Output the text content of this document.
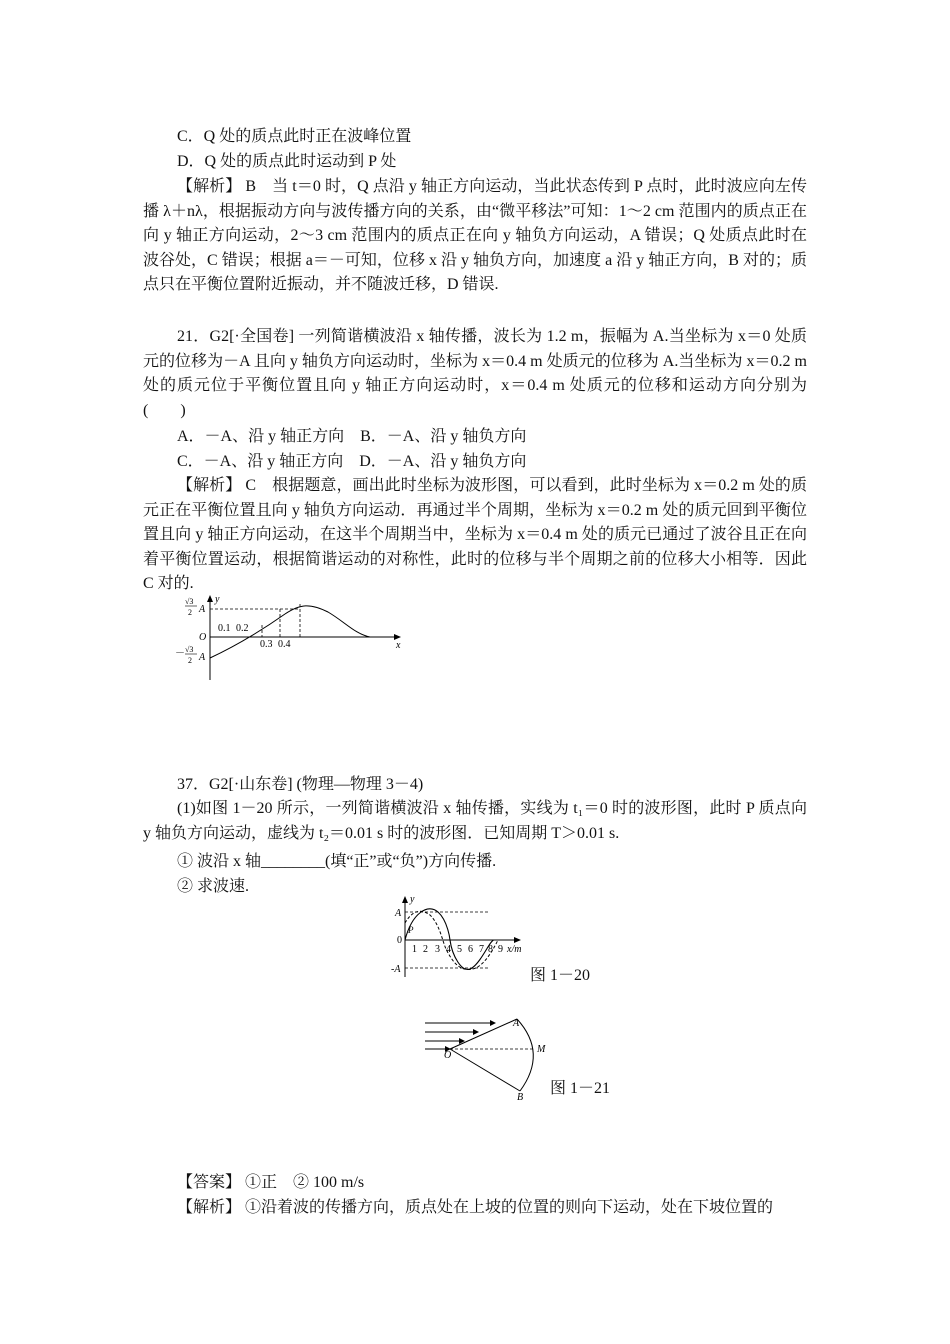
C．Q 处的质点此时正在波峰位置
D．Q 处的质点此时运动到 P 处
【解析】 B　当 t＝0 时，Q 点沿 y 轴正方向运动，当此状态传到 P 点时，此时波应向左传播 λ＋nλ，根据振动方向与波传播方向的关系，由“微平移法”可知：1～2 cm 范围内的质点正在向 y 轴正方向运动，2～3 cm 范围内的质点正在向 y 轴负方向运动，A 错误；Q 处质点此时在波谷处，C 错误；根据 a＝－可知，位移 x 沿 y 轴负方向，加速度 a 沿 y 轴正方向，B 对的；质点只在平衡位置附近振动，并不随波迁移，D 错误.
21．G2[·全国卷] 一列简谐横波沿 x 轴传播，波长为 1.2 m，振幅为 A.当坐标为 x＝0 处质元的位移为－A 且向 y 轴负方向运动时，坐标为 x＝0.4 m 处质元的位移为 A.当坐标为 x＝0.2 m 处的质元位于平衡位置且向 y 轴正方向运动时，x＝0.4 m 处质元的位移和运动方向分别为(　　)
A．－A、沿 y 轴正方向　B．－A、沿 y 轴负方向
C．－A、沿 y 轴正方向　D．－A、沿 y 轴负方向
【解析】 C　根据题意，画出此时坐标为波形图，可以看到，此时坐标为 x＝0.2 m 处的质元正在平衡位置且向 y 轴负方向运动．再通过半个周期，坐标为 x＝0.2 m 处的质元回到平衡位置且向 y 轴正方向运动，在这半个周期当中，坐标为 x＝0.4 m 处的质元已通过了波谷且正在向着平衡位置运动，根据简谐运动的对称性，此时的位移与半个周期之前的位移大小相等．因此 C 对的.
y
x
O
√3
2 A
－ √3
2 A
0.1 0.2
0.3 0.4
37．G2[·山东卷] (物理—物理 3－4)
(1)如图 1－20 所示，一列简谐横波沿 x 轴传播，实线为 t₁＝0 时的波形图，此时 P 质点向 y 轴负方向运动，虚线为 t₂＝0.01 s 时的波形图．已知周期 T＞0.01 s.
① 波沿 x 轴________(填“正”或“负”)方向传播.
② 求波速.
y
A
0
-A
P
1 2 3 4 5 6 7 8 9 x/m
图 1－20
A
O
M
B
图 1－21
【答案】 ①正　② 100 m/s
【解析】 ①沿着波的传播方向，质点处在上坡的位置的则向下运动，处在下坡位置的
